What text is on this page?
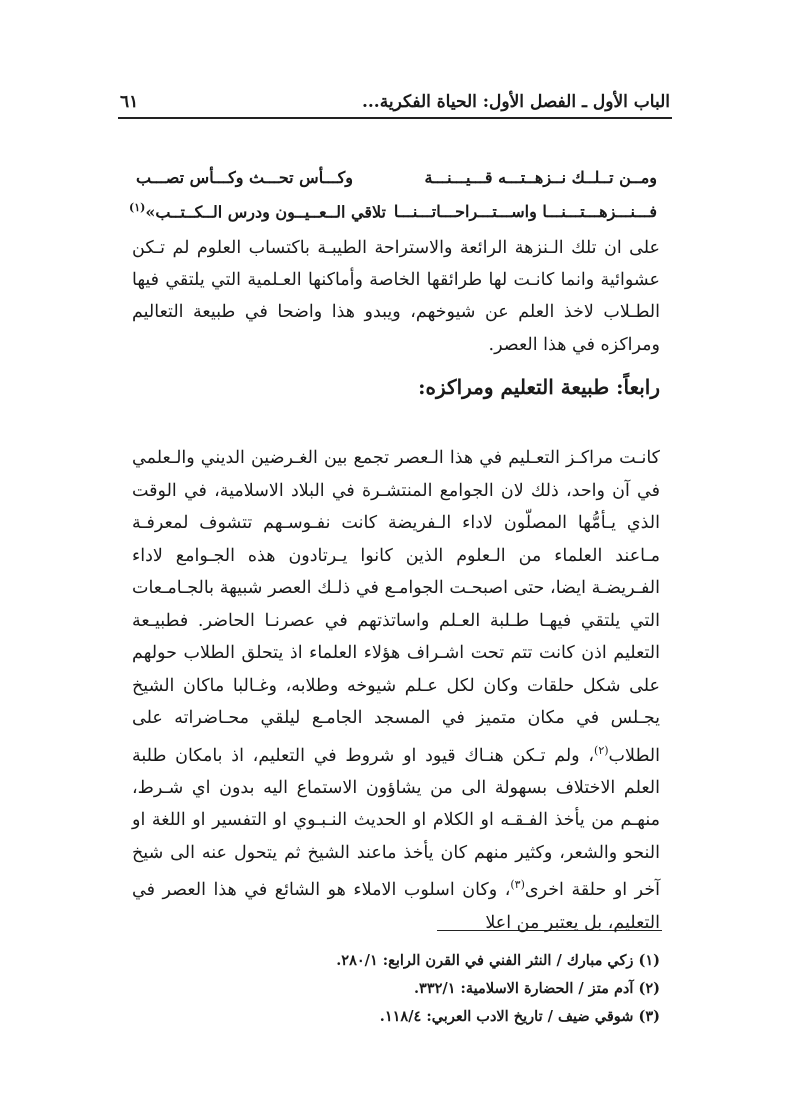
الباب الأول ـ الفصل الأول: الحياة الفكرية...
٦١
ومــن تــلــك نــزهــتـــه قـــيـــنـــة
وكـــأس تحـــث وكـــأس تصـــب
فـــنـــزهـــتـــنـــا واســـتـــراحـــاتـــنـــا
تلاقي الــعــيــون ودرس الــكــتــب»$^{(١)}$

على ان تلك الـنزهة الرائعة والاستراحة الطيبـة باكتساب العلوم لم تـكن عشوائية وانما كانـت لها طرائقها الخاصة وأماكنها العـلمية التي يلتقي فيها الطـلاب لاخذ العلم عن شيوخهم، ويبدو هذا واضحا في طبيعة التعاليم ومراكزه في هذا العصر.

رابعاً: طبيعة التعليم ومراكزه:

كانـت مراكـز التعـليم في هذا الـعصر تجمع بين الغـرضين الديني والـعلمي في آن واحد، ذلك لان الجوامع المنتشـرة في البلاد الاسلامية، في الوقت الذي يـأمُّها المصلّون لاداء الـفريضة كانت نفـوسـهم تتشوف لمعرفـة مـاعند العلماء من الـعلوم الذين كانوا يـرتادون هذه الجـوامع لاداء الفـريضـة ايضا، حتى اصبحـت الجوامـع في ذلـك العصر شبيهة بالجـامـعات التي يلتقي فيهـا طـلبة العـلم واساتذتهم في عصرنـا الحاضر. فطبيـعة التعليم اذن كانت تتم تحت اشـراف هؤلاء العلماء اذ يتحلق الطلاب حولهم على شكل حلقات وكان لكل عـلم شيوخه وطلابه، وغـالبا ماكان الشيخ يجـلس في مكان متميز في المسجد الجامـع ليلقي محـاضراته على الطلاب$^{(٢)}$، ولم تـكن هنـاك قيود او شروط في التعليم، اذ بامكان طلبة العلم الاختلاف بسهولة الى من يشاؤون الاستماع اليه بدون اي شـرط، منهـم من يأخذ الفـقـه او الكلام او الحديث النـبـوي او التفسير او اللغة او النحو والشعر، وكثير منهم كان يأخذ ماعند الشيخ ثم يتحول عنه الى شيخ آخر او حلقة اخرى$^{(٣)}$، وكان اسلوب الاملاء هو الشائع في هذا العصر في التعليم، بل يعتبر من اعلا

(١) زكي مبارك / النثر الفني في القرن الرابع: ٢٨٠/١.
(٢) آدم متز / الحضارة الاسلامية: ٣٣٢/١.
(٣) شوقي ضيف / تاريخ الادب العربي: ١١٨/٤.
